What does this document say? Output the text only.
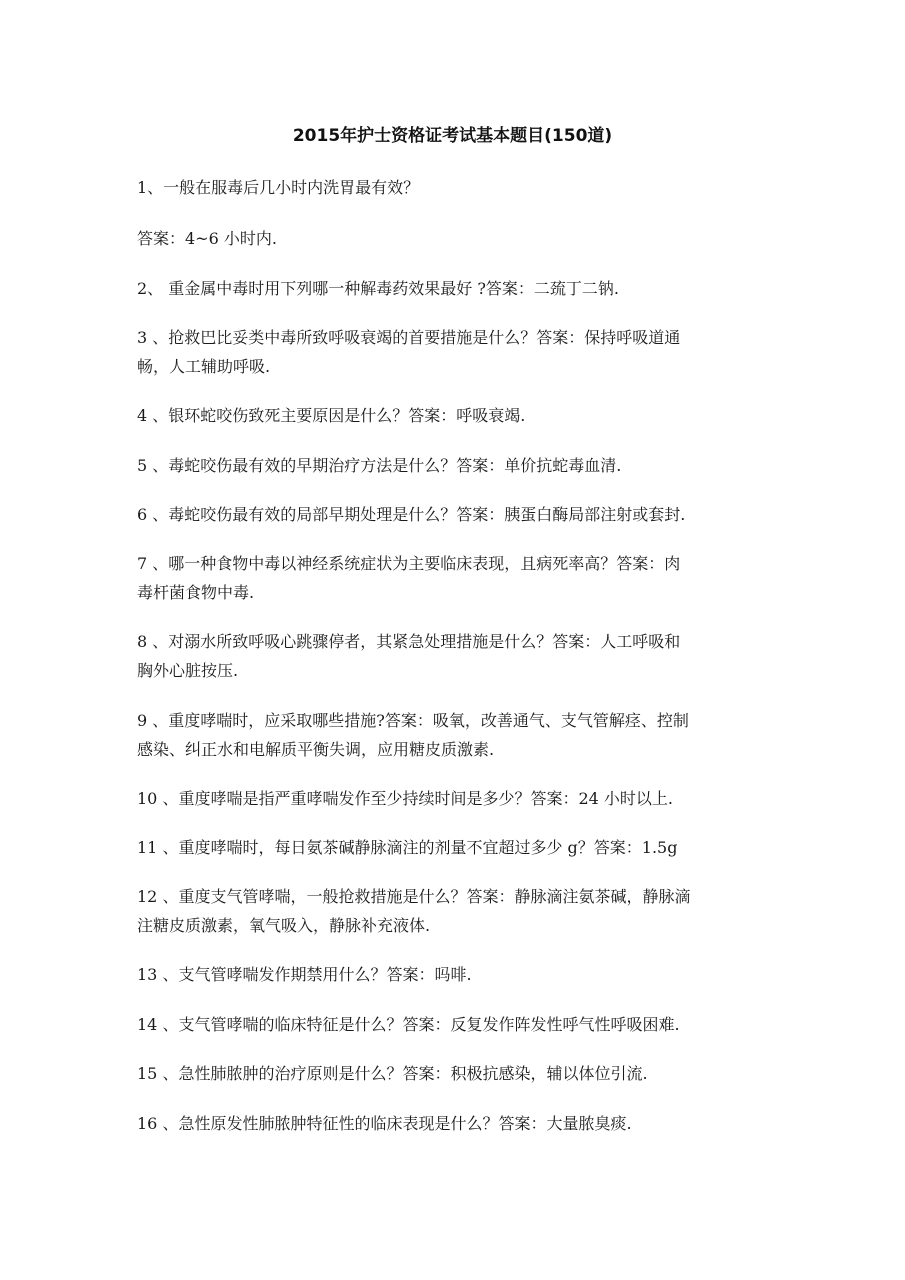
2015年护士资格证考试基本题目(150道)
1、一般在服毒后几小时内洗胃最有效？
答案：4~6 小时内.
2、 重金属中毒时用下列哪一种解毒药效果最好 ?答案：二巯丁二钠.
3 、抢救巴比妥类中毒所致呼吸衰竭的首要措施是什么？答案：保持呼吸道通
畅，人工辅助呼吸.
4 、银环蛇咬伤致死主要原因是什么？答案：呼吸衰竭.
5 、毒蛇咬伤最有效的早期治疗方法是什么？答案：单价抗蛇毒血清.
6 、毒蛇咬伤最有效的局部早期处理是什么？答案：胰蛋白酶局部注射或套封.
7 、哪一种食物中毒以神经系统症状为主要临床表现，且病死率高？答案：肉
毒杆菌食物中毒.
8 、对溺水所致呼吸心跳骤停者，其紧急处理措施是什么？答案：人工呼吸和
胸外心脏按压.
9 、重度哮喘时，应采取哪些措施?答案：吸氧，改善通气、支气管解痉、控制
感染、纠正水和电解质平衡失调，应用糖皮质激素.
10 、重度哮喘是指严重哮喘发作至少持续时间是多少？答案：24 小时以上.
11 、重度哮喘时，每日氨茶碱静脉滴注的剂量不宜超过多少 g？答案：1.5g
12 、重度支气管哮喘，一般抢救措施是什么？答案：静脉滴注氨茶碱，静脉滴
注糖皮质激素，氧气吸入，静脉补充液体.
13 、支气管哮喘发作期禁用什么？答案：吗啡.
14 、支气管哮喘的临床特征是什么？答案：反复发作阵发性呼气性呼吸困难.
15 、急性肺脓肿的治疗原则是什么？答案：积极抗感染，辅以体位引流.
16 、急性原发性肺脓肿特征性的临床表现是什么？答案：大量脓臭痰.
